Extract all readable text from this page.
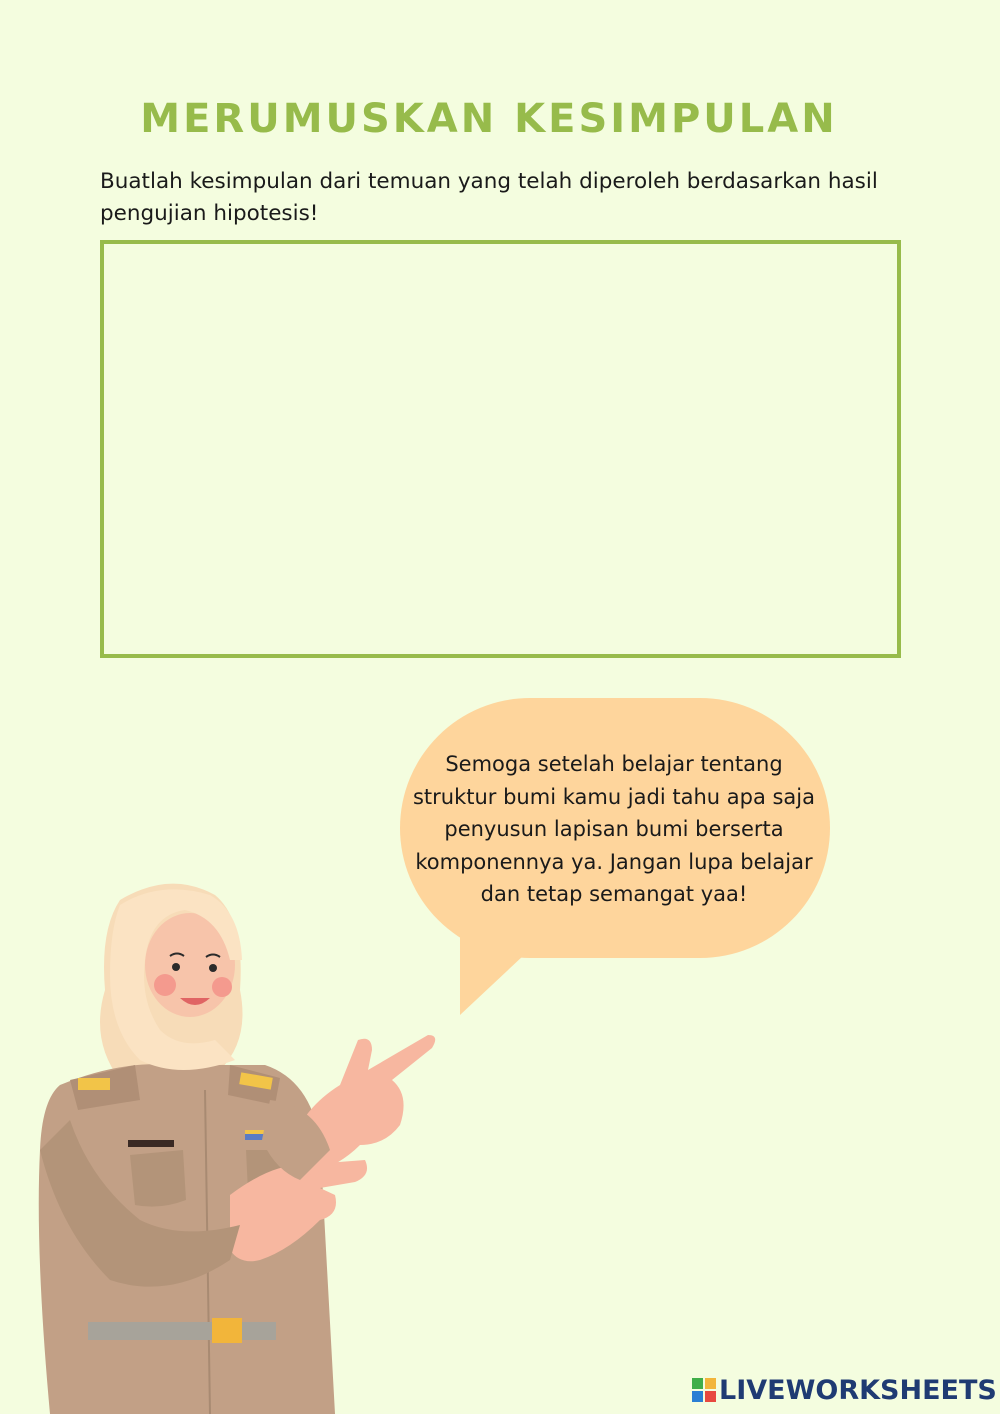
MERUMUSKAN KESIMPULAN
Buatlah kesimpulan dari temuan yang telah diperoleh berdasarkan hasil pengujian hipotesis!
Semoga setelah belajar tentang
struktur bumi kamu jadi tahu apa saja
penyusun lapisan bumi berserta
komponennya ya. Jangan lupa belajar
dan tetap semangat yaa!
LIVEWORKSHEETS
